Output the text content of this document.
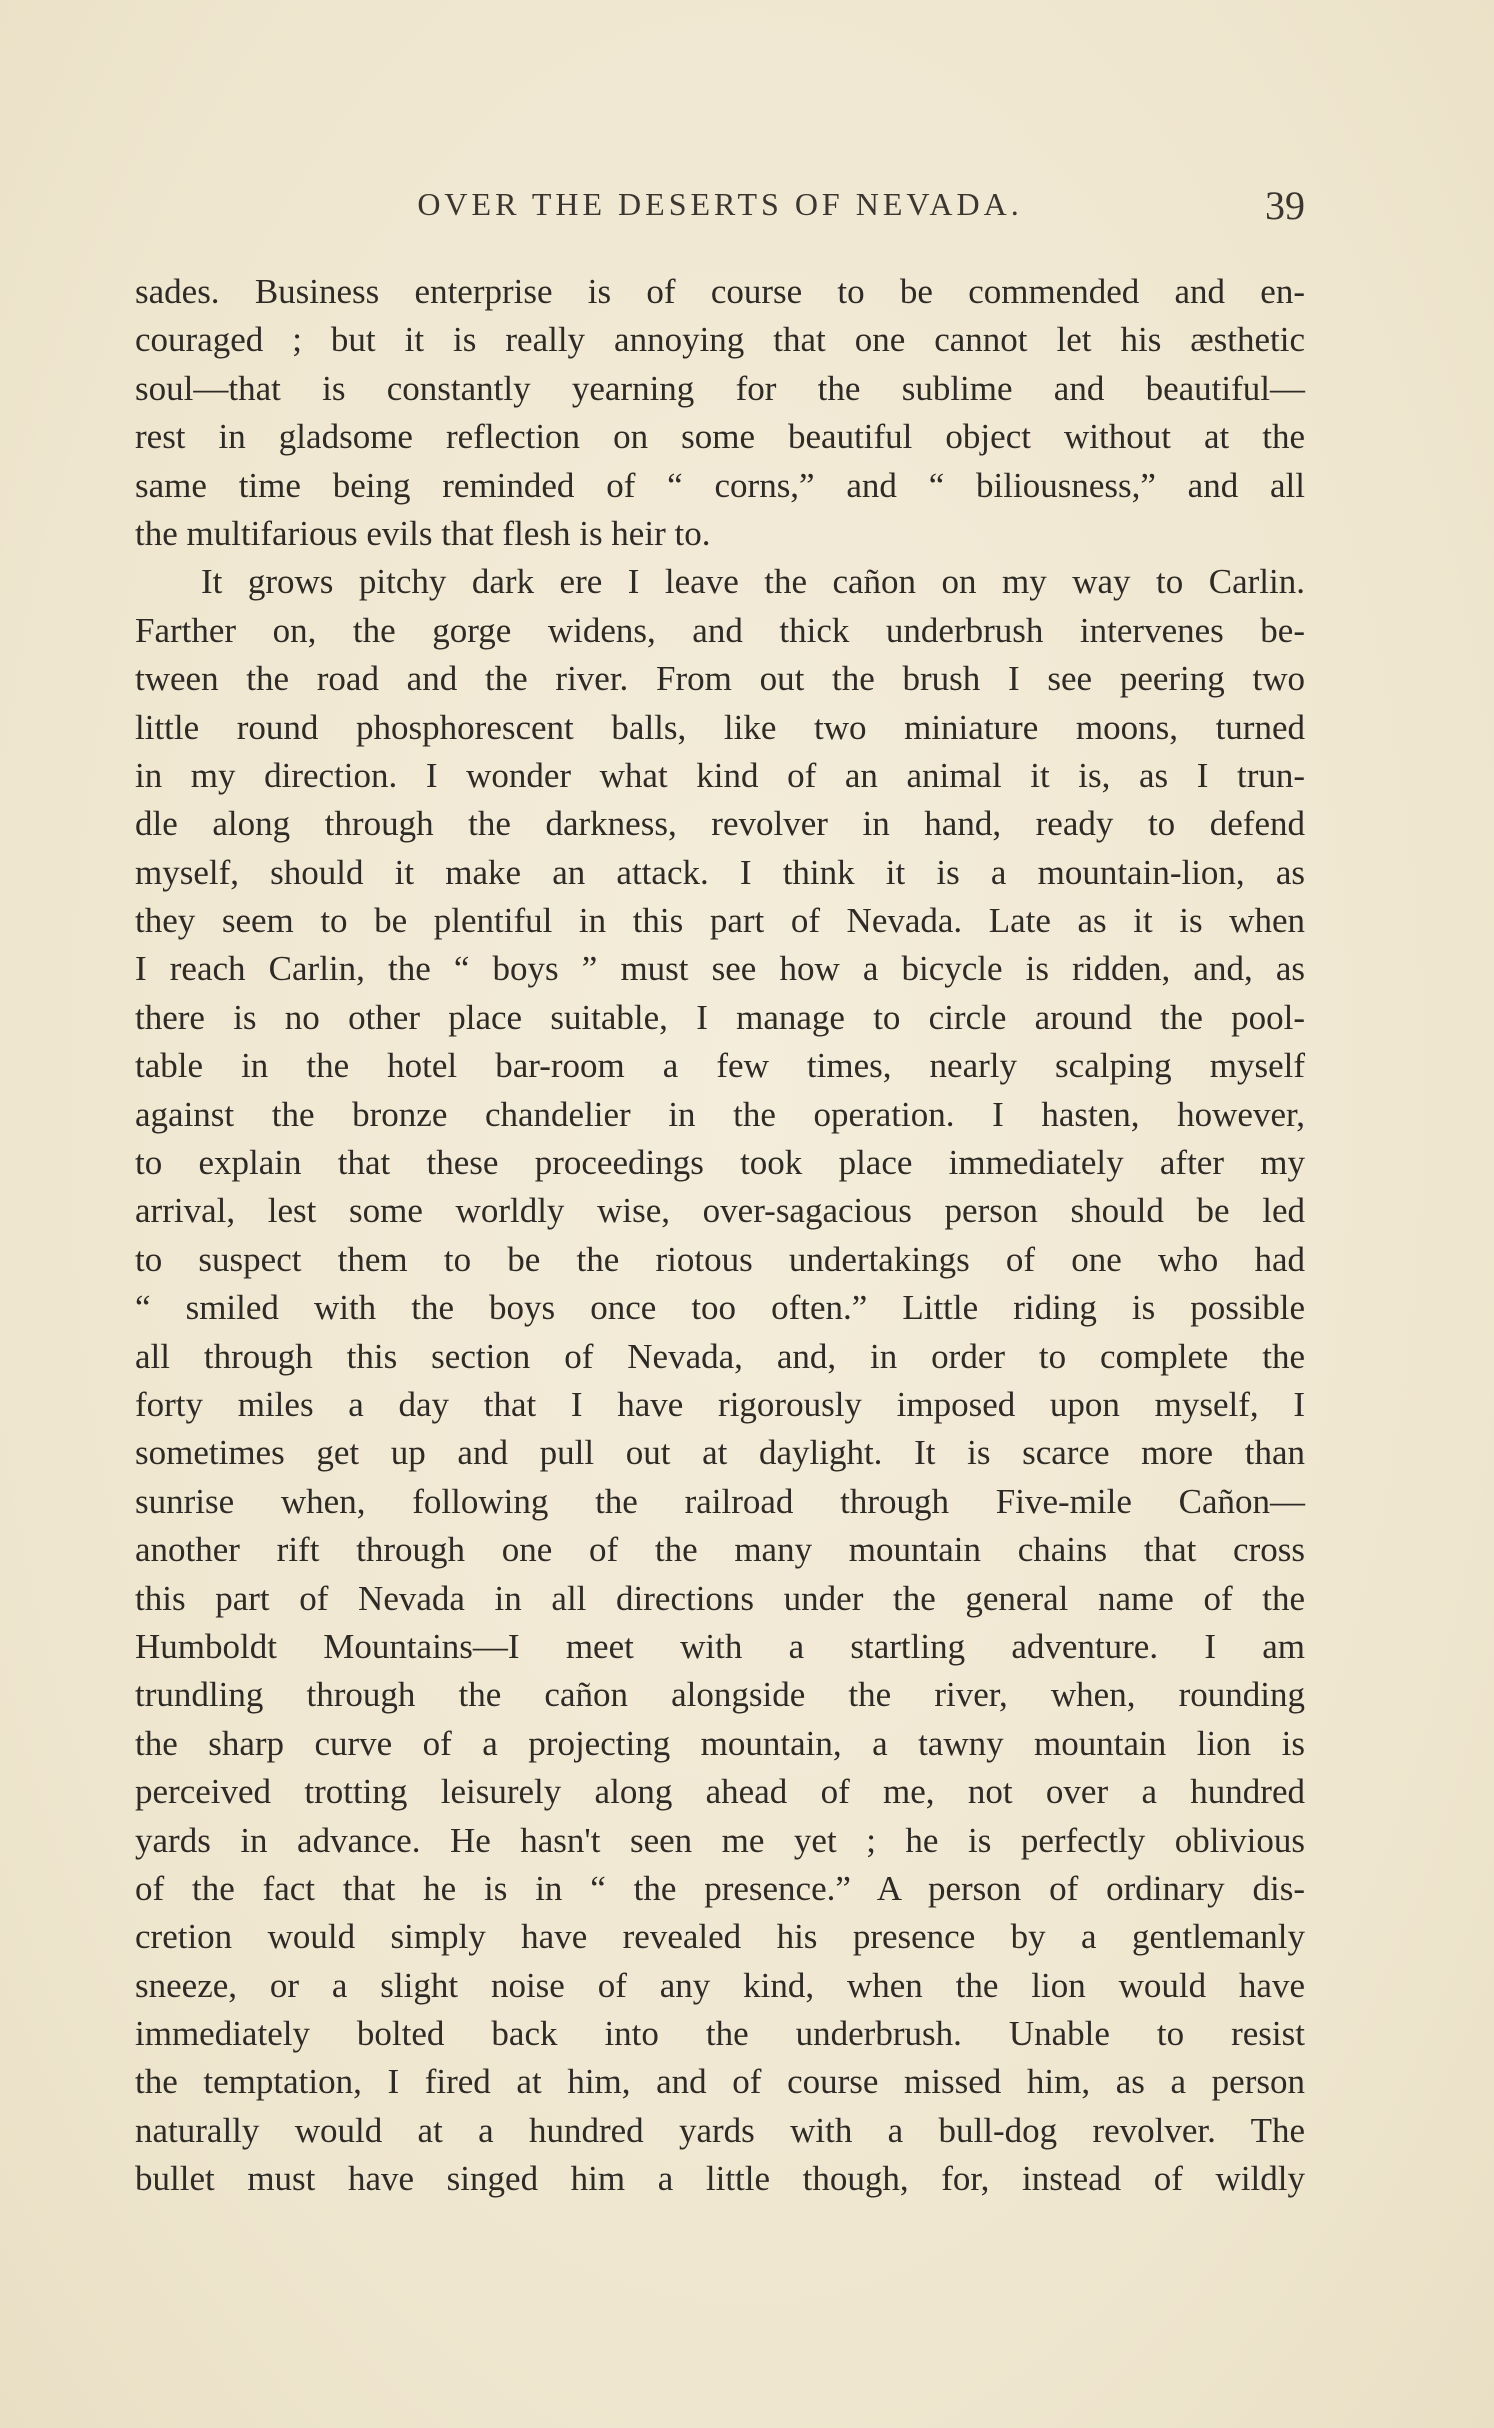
OVER THE DESERTS OF NEVADA.	39
sades. Business enterprise is of course to be commended and en-
couraged ; but it is really annoying that one cannot let his æsthetic
soul—that is constantly yearning for the sublime and beautiful—
rest in gladsome reflection on some beautiful object without at the
same time being reminded of “ corns,” and “ biliousness,” and all
the multifarious evils that flesh is heir to.
It grows pitchy dark ere I leave the cañon on my way to Carlin.
Farther on, the gorge widens, and thick underbrush intervenes be-
tween the road and the river. From out the brush I see peering two
little round phosphorescent balls, like two miniature moons, turned
in my direction. I wonder what kind of an animal it is, as I trun-
dle along through the darkness, revolver in hand, ready to defend
myself, should it make an attack. I think it is a mountain-lion, as
they seem to be plentiful in this part of Nevada. Late as it is when
I reach Carlin, the “ boys ” must see how a bicycle is ridden, and, as
there is no other place suitable, I manage to circle around the pool-
table in the hotel bar-room a few times, nearly scalping myself
against the bronze chandelier in the operation. I hasten, however,
to explain that these proceedings took place immediately after my
arrival, lest some worldly wise, over-sagacious person should be led
to suspect them to be the riotous undertakings of one who had
“ smiled with the boys once too often.” Little riding is possible
all through this section of Nevada, and, in order to complete the
forty miles a day that I have rigorously imposed upon myself, I
sometimes get up and pull out at daylight. It is scarce more than
sunrise when, following the railroad through Five-mile Cañon—
another rift through one of the many mountain chains that cross
this part of Nevada in all directions under the general name of the
Humboldt Mountains—I meet with a startling adventure. I am
trundling through the cañon alongside the river, when, rounding
the sharp curve of a projecting mountain, a tawny mountain lion is
perceived trotting leisurely along ahead of me, not over a hundred
yards in advance. He hasn't seen me yet ; he is perfectly oblivious
of the fact that he is in “ the presence.” A person of ordinary dis-
cretion would simply have revealed his presence by a gentlemanly
sneeze, or a slight noise of any kind, when the lion would have
immediately bolted back into the underbrush. Unable to resist
the temptation, I fired at him, and of course missed him, as a person
naturally would at a hundred yards with a bull-dog revolver. The
bullet must have singed him a little though, for, instead of wildly
